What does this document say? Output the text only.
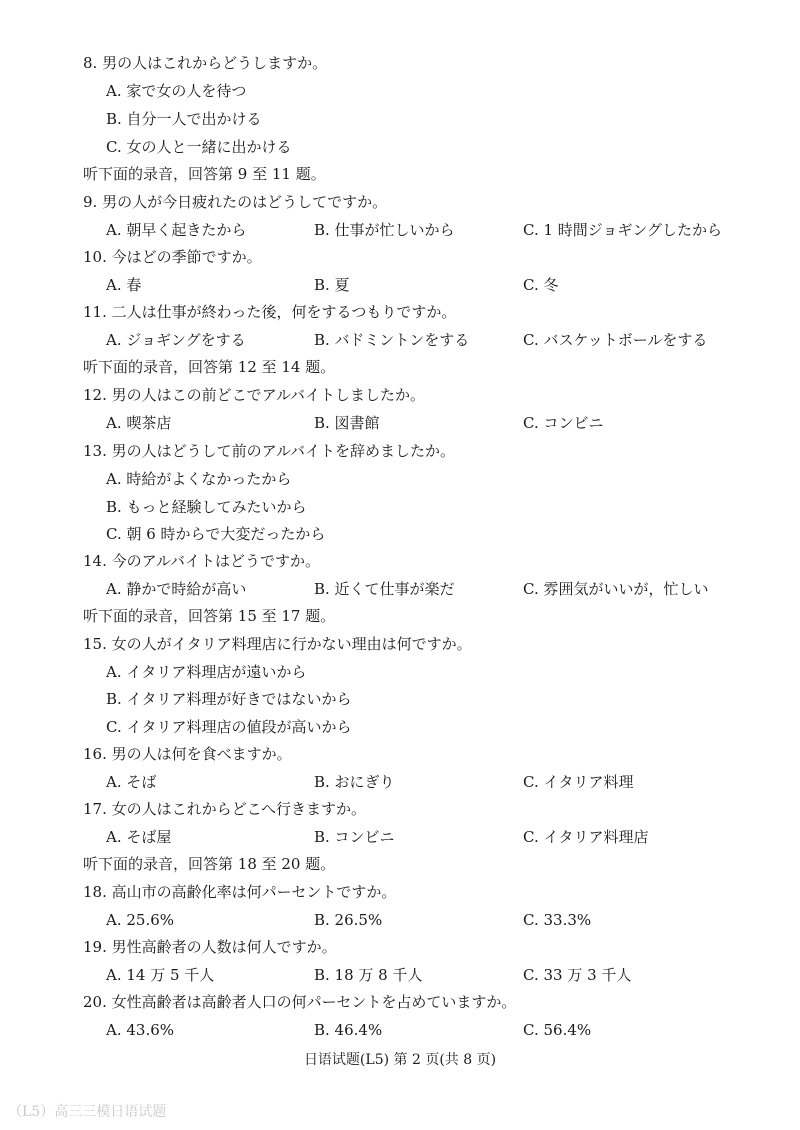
8. 男の人はこれからどうしますか。
A. 家で女の人を待つ
B. 自分一人で出かける
C. 女の人と一緒に出かける
听下面的录音，回答第 9 至 11 题。
9. 男の人が今日疲れたのはどうしてですか。
A. 朝早く起きたから	B. 仕事が忙しいから	C. 1 時間ジョギングしたから
10. 今はどの季節ですか。
A. 春	B. 夏	C. 冬
11. 二人は仕事が終わった後，何をするつもりですか。
A. ジョギングをする	B. バドミントンをする	C. バスケットボールをする
听下面的录音，回答第 12 至 14 题。
12. 男の人はこの前どこでアルバイトしましたか。
A. 喫茶店	B. 図書館	C. コンビニ
13. 男の人はどうして前のアルバイトを辞めましたか。
A. 時給がよくなかったから
B. もっと経験してみたいから
C. 朝 6 時からで大変だったから
14. 今のアルバイトはどうですか。
A. 静かで時給が高い	B. 近くて仕事が楽だ	C. 雰囲気がいいが，忙しい
听下面的录音，回答第 15 至 17 题。
15. 女の人がイタリア料理店に行かない理由は何ですか。
A. イタリア料理店が遠いから
B. イタリア料理が好きではないから
C. イタリア料理店の値段が高いから
16. 男の人は何を食べますか。
A. そば	B. おにぎり	C. イタリア料理
17. 女の人はこれからどこへ行きますか。
A. そば屋	B. コンビニ	C. イタリア料理店
听下面的录音，回答第 18 至 20 题。
18. 高山市の高齢化率は何パーセントですか。
A. 25.6%	B. 26.5%	C. 33.3%
19. 男性高齢者の人数は何人ですか。
A. 14 万 5 千人	B. 18 万 8 千人	C. 33 万 3 千人
20. 女性高齢者は高齢者人口の何パーセントを占めていますか。
A. 43.6%	B. 46.4%	C. 56.4%
日语试题(L5) 第 2 页(共 8 页)
（L5）高三三模日语试题
